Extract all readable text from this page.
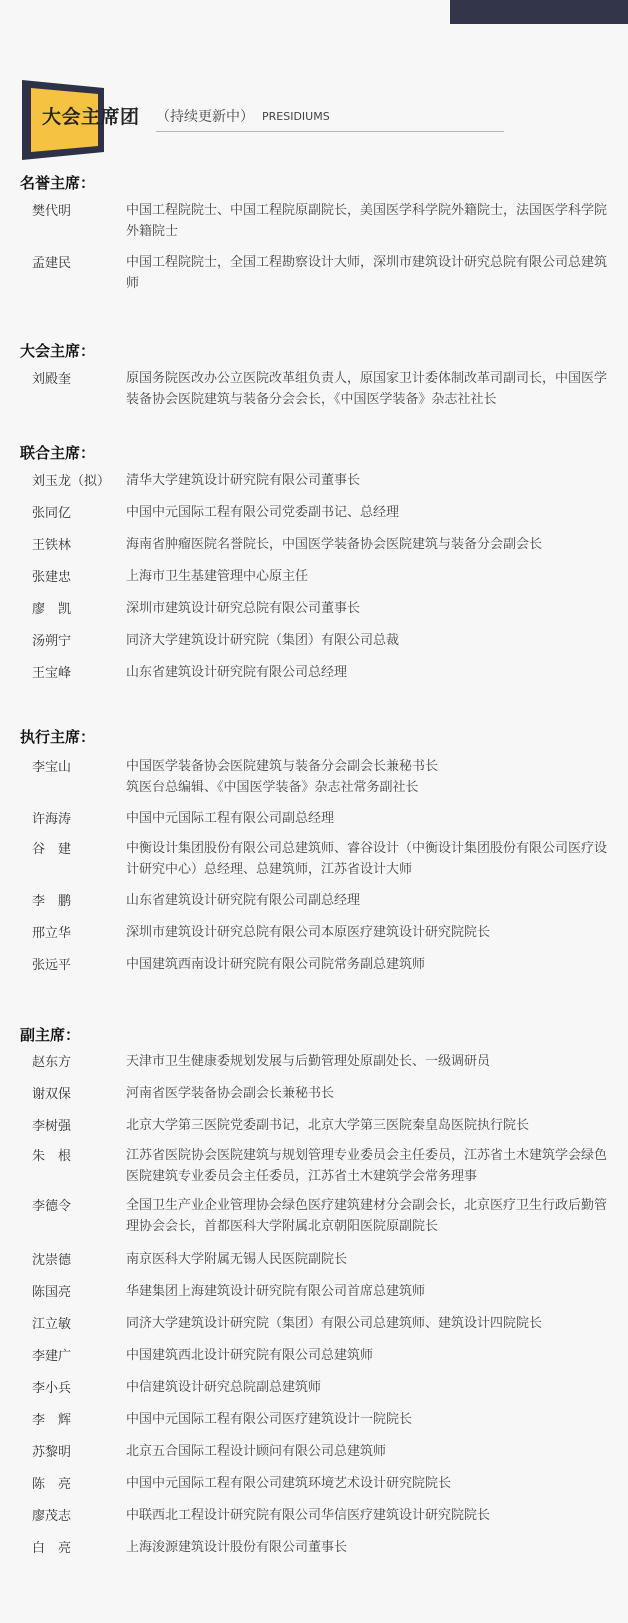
大会主席团 （持续更新中） PRESIDIUMS
名誉主席：
樊代明	中国工程院院士、中国工程院原副院长，美国医学科学院外籍院士，法国医学科学院外籍院士
孟建民	中国工程院院士，全国工程勘察设计大师，深圳市建筑设计研究总院有限公司总建筑师
大会主席：
刘殿奎	原国务院医改办公立医院改革组负责人，原国家卫计委体制改革司副司长，中国医学装备协会医院建筑与装备分会会长，《中国医学装备》杂志社社长
联合主席：
刘玉龙（拟） 清华大学建筑设计研究院有限公司董事长
张同亿	中国中元国际工程有限公司党委副书记、总经理
王铁林	海南省肿瘤医院名誉院长，中国医学装备协会医院建筑与装备分会副会长
张建忠	上海市卫生基建管理中心原主任
廖　凯	深圳市建筑设计研究总院有限公司董事长
汤朔宁	同济大学建筑设计研究院（集团）有限公司总裁
王宝峰	山东省建筑设计研究院有限公司总经理
执行主席：
李宝山	中国医学装备协会医院建筑与装备分会副会长兼秘书长
筑医台总编辑、《中国医学装备》杂志社常务副社长
许海涛	中国中元国际工程有限公司副总经理
谷　建	中衡设计集团股份有限公司总建筑师、睿谷设计（中衡设计集团股份有限公司医疗设计研究中心）总经理、总建筑师，江苏省设计大师
李　鹏	山东省建筑设计研究院有限公司副总经理
邢立华	深圳市建筑设计研究总院有限公司本原医疗建筑设计研究院院长
张远平	中国建筑西南设计研究院有限公司院常务副总建筑师
副主席：
赵东方	天津市卫生健康委规划发展与后勤管理处原副处长、一级调研员
谢双保	河南省医学装备协会副会长兼秘书长
李树强	北京大学第三医院党委副书记，北京大学第三医院秦皇岛医院执行院长
朱　根	江苏省医院协会医院建筑与规划管理专业委员会主任委员，江苏省土木建筑学会绿色医院建筑专业委员会主任委员，江苏省土木建筑学会常务理事
李德令	全国卫生产业企业管理协会绿色医疗建筑建材分会副会长，北京医疗卫生行政后勤管理协会会长，首都医科大学附属北京朝阳医院原副院长
沈崇德	南京医科大学附属无锡人民医院副院长
陈国亮	华建集团上海建筑设计研究院有限公司首席总建筑师
江立敏	同济大学建筑设计研究院（集团）有限公司总建筑师、建筑设计四院院长
李建广	中国建筑西北设计研究院有限公司总建筑师
李小兵	中信建筑设计研究总院副总建筑师
李　辉	中国中元国际工程有限公司医疗建筑设计一院院长
苏黎明	北京五合国际工程设计顾问有限公司总建筑师
陈　亮	中国中元国际工程有限公司建筑环境艺术设计研究院院长
廖茂志	中联西北工程设计研究院有限公司华信医疗建筑设计研究院院长
白　亮	上海浚源建筑设计股份有限公司董事长
